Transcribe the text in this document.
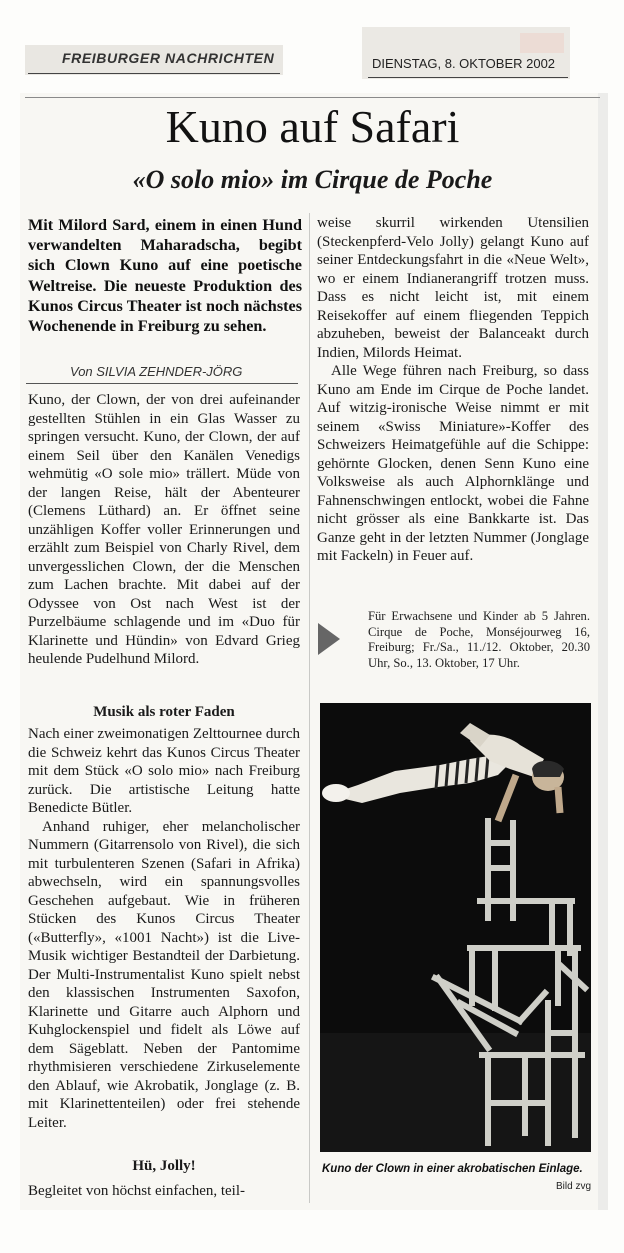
FREIBURGER NACHRICHTEN	DIENSTAG, 8. OKTOBER 2002
Kuno auf Safari
«O solo mio» im Cirque de Poche

Mit Milord Sard, einem in einen Hund verwandelten Maharadscha, begibt sich Clown Kuno auf eine poetische Weltreise. Die neueste Produktion des Kunos Circus Theater ist noch nächstes Wochenende in Freiburg zu sehen.

Von SILVIA ZEHNDER-JÖRG

Kuno, der Clown, der von drei aufeinander gestellten Stühlen in ein Glas Wasser zu springen versucht. Kuno, der Clown, der auf einem Seil über den Kanälen Venedigs wehmütig «O sole mio» trällert. Müde von der langen Reise, hält der Abenteurer (Clemens Lüthard) an. Er öffnet seine unzähligen Koffer voller Erinnerungen und erzählt zum Beispiel von Charly Rivel, dem unvergesslichen Clown, der die Menschen zum Lachen brachte. Mit dabei auf der Odyssee von Ost nach West ist der Purzelbäume schlagende und im «Duo für Klarinette und Hündin» von Edvard Grieg heulende Pudelhund Milord.

Musik als roter Faden

Nach einer zweimonatigen Zelttournee durch die Schweiz kehrt das Kunos Circus Theater mit dem Stück «O solo mio» nach Freiburg zurück. Die artistische Leitung hatte Benedicte Bütler.

Anhand ruhiger, eher melancholischer Nummern (Gitarrensolo von Rivel), die sich mit turbulenteren Szenen (Safari in Afrika) abwechseln, wird ein spannungsvolles Geschehen aufgebaut. Wie in früheren Stücken des Kunos Circus Theater («Butterfly», «1001 Nacht») ist die Live-Musik wichtiger Bestandteil der Darbietung. Der Multi-Instrumentalist Kuno spielt nebst den klassischen Instrumenten Saxofon, Klarinette und Gitarre auch Alphorn und Kuhglockenspiel und fidelt als Löwe auf dem Sägeblatt. Neben der Pantomime rhythmisieren verschiedene Zirkuselemente den Ablauf, wie Akrobatik, Jonglage (z. B. mit Klarinettenteilen) oder frei stehende Leiter.

Hü, Jolly!

Begleitet von höchst einfachen, teil-

weise skurril wirkenden Utensilien (Steckenpferd-Velo Jolly) gelangt Kuno auf seiner Entdeckungsfahrt in die «Neue Welt», wo er einem Indianerangriff trotzen muss. Dass es nicht leicht ist, mit einem Reisekoffer auf einem fliegenden Teppich abzuheben, beweist der Balanceakt durch Indien, Milords Heimat.

Alle Wege führen nach Freiburg, so dass Kuno am Ende im Cirque de Poche landet. Auf witzig-ironische Weise nimmt er mit seinem «Swiss Miniature»-Koffer des Schweizers Heimatgefühle auf die Schippe: gehörnte Glocken, denen Senn Kuno eine Volksweise als auch Alphornklänge und Fahnenschwingen entlockt, wobei die Fahne nicht grösser als eine Bankkarte ist. Das Ganze geht in der letzten Nummer (Jonglage mit Fackeln) in Feuer auf.

Für Erwachsene und Kinder ab 5 Jahren. Cirque de Poche, Monséjourweg 16, Freiburg; Fr./Sa., 11./12. Oktober, 20.30 Uhr, So., 13. Oktober, 17 Uhr.

Kuno der Clown in einer akrobatischen Einlage.
Bild zvg
